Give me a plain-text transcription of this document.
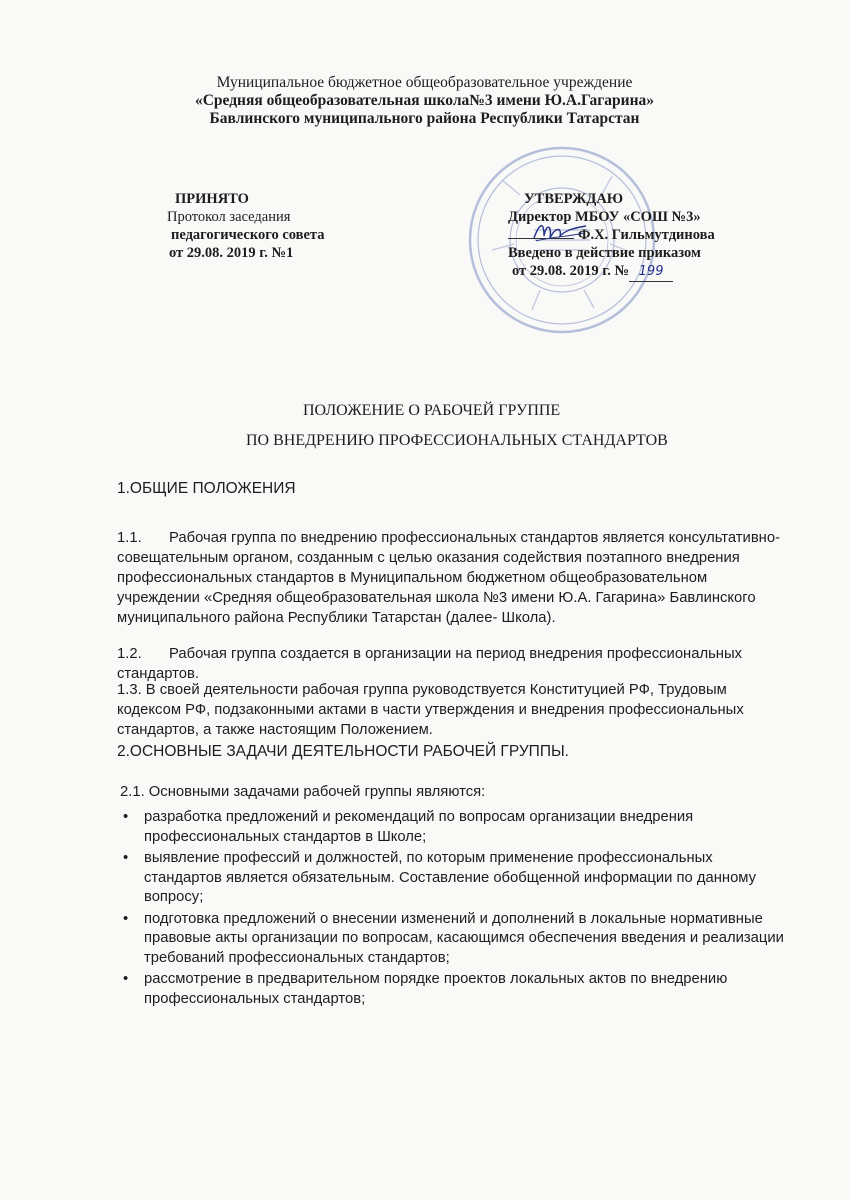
Муниципальное бюджетное общеобразовательное учреждение
«Средняя общеобразовательная школа№3 имени Ю.А.Гагарина»
Бавлинского муниципального района Республики Татарстан
ПРИНЯТО
Протокол заседания
педагогического совета
от 29.08. 2019 г. №1
УТВЕРЖДАЮ
Директор МБОУ «СОШ №3»
Ф.Х. Гильмутдинова
Введено в действие приказом
от 29.08. 2019 г. № 199
ПОЛОЖЕНИЕ О РАБОЧЕЙ ГРУППЕ
ПО ВНЕДРЕНИЮ ПРОФЕССИОНАЛЬНЫХ СТАНДАРТОВ
1.ОБЩИЕ ПОЛОЖЕНИЯ
1.1. Рабочая группа по внедрению профессиональных стандартов является консультативно-совещательным органом, созданным с целью оказания содействия поэтапного внедрения профессиональных стандартов в Муниципальном бюджетном общеобразовательном учреждении «Средняя общеобразовательная школа №3 имени Ю.А. Гагарина» Бавлинского муниципального района Республики Татарстан (далее- Школа).
1.2. Рабочая группа создается в организации на период внедрения профессиональных стандартов.
1.3. В своей деятельности рабочая группа руководствуется Конституцией РФ, Трудовым кодексом РФ, подзаконными актами в части утверждения и внедрения профессиональных стандартов, а также настоящим Положением.
2.ОСНОВНЫЕ ЗАДАЧИ ДЕЯТЕЛЬНОСТИ РАБОЧЕЙ ГРУППЫ.
2.1. Основными задачами рабочей группы являются:
• разработка предложений и рекомендаций по вопросам организации внедрения профессиональных стандартов в Школе;
• выявление профессий и должностей, по которым применение профессиональных стандартов является обязательным. Составление обобщенной информации по данному вопросу;
• подготовка предложений о внесении изменений и дополнений в локальные нормативные правовые акты организации по вопросам, касающимся обеспечения введения и реализации требований профессиональных стандартов;
• рассмотрение в предварительном порядке проектов локальных актов по внедрению профессиональных стандартов;
